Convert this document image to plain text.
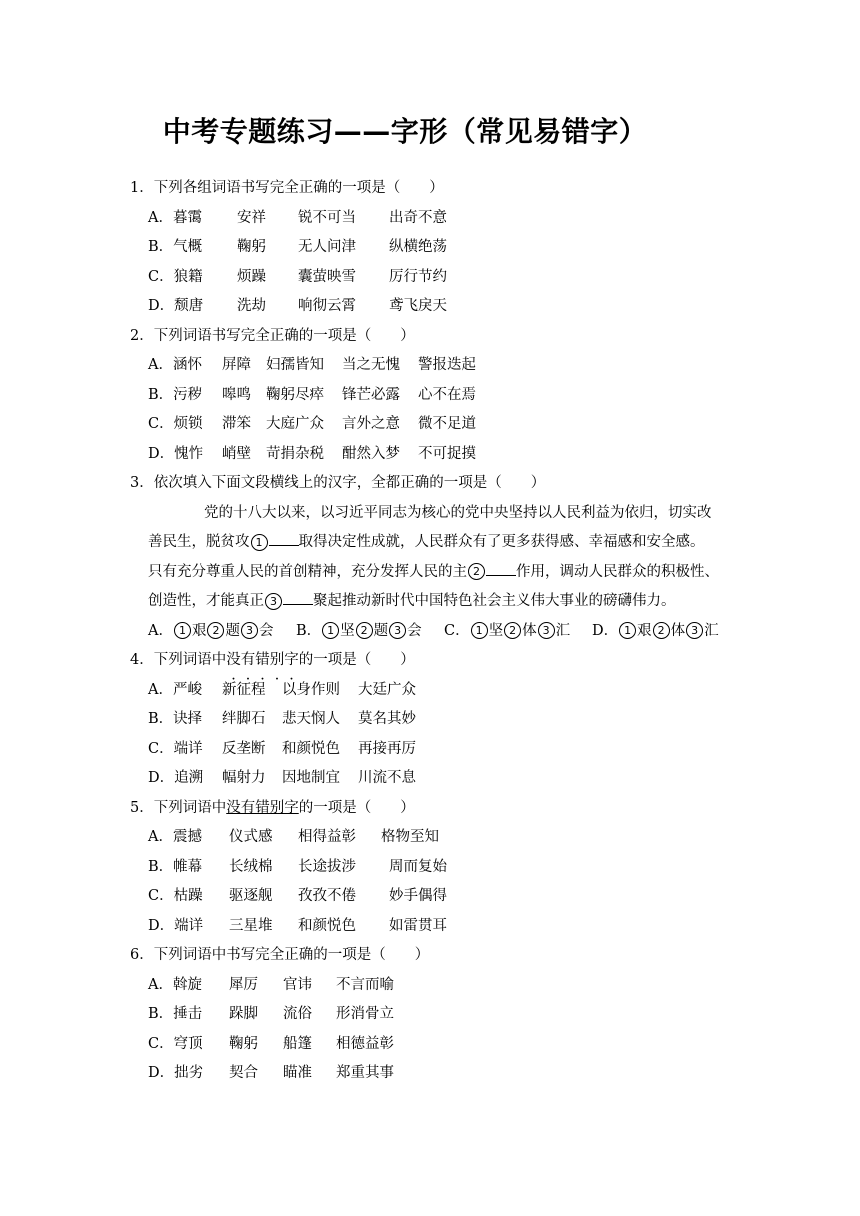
中考专题练习——字形（常见易错字）
1．下列各组词语书写完全正确的一项是（　　）
A．暮霭 安祥 锐不可当 出奇不意
B．气概 鞠躬 无人问津 纵横绝荡
C．狼籍 烦躁 囊萤映雪 厉行节约
D．颓唐 洗劫 响彻云霄 鸢飞戾天
2．下列词语书写完全正确的一项是（　　）
A．涵怀 屏障 妇孺皆知 当之无愧 警报迭起
B．污秽 嗥鸣 鞠躬尽瘁 锋芒必露 心不在焉
C．烦锁 滞笨 大庭广众 言外之意 微不足道
D．愧怍 峭壁 苛捐杂税 酣然入梦 不可捉摸
3．依次填入下面文段横线上的汉字，全都正确的一项是（　　）
党的十八大以来，以习近平同志为核心的党中央坚持以人民利益为依归，切实改
善民生，脱贫攻 1 取得决定性成就，人民群众有了更多获得感、幸福感和安全感。
只有充分尊重人民的首创精神，充分发挥人民的主 2 作用，调动人民群众的积极性、
创造性，才能真正 3 聚起推动新时代中国特色社会主义伟大事业的磅礴伟力。
A． 1 艰 2 题 3 会 B． 1 坚 2 题 3 会 C． 1 坚 2 体 3 汇 D． 1 艰 2 体 3 汇
4．下列词语中没有错别字
·
·
·
·
·
的一项是（　　）
A．严峻 新征程 以身作则 大廷广众
B．诀择 绊脚石 悲天悯人 莫名其妙
C．端详 反垄断 和颜悦色 再接再厉
D．追溯 幅射力 因地制宜 川流不息
5．下列词语中没有错别字的一项是（　　）
A．震撼 仪式感 相得益彰 格物至知
B．帷幕 长绒棉 长途拔涉 周而复始
C．枯躁 驱逐舰 孜孜不倦 妙手偶得
D．端详 三星堆 和颜悦色 如雷贯耳
6．下列词语中书写完全正确的一项是（　　）
A．斡旋 犀厉 官讳 不言而喻
B．捶击 跺脚 流俗 形消骨立
C．穹顶 鞠躬 船篷 相德益彰
D．拙劣 契合 瞄准 郑重其事
